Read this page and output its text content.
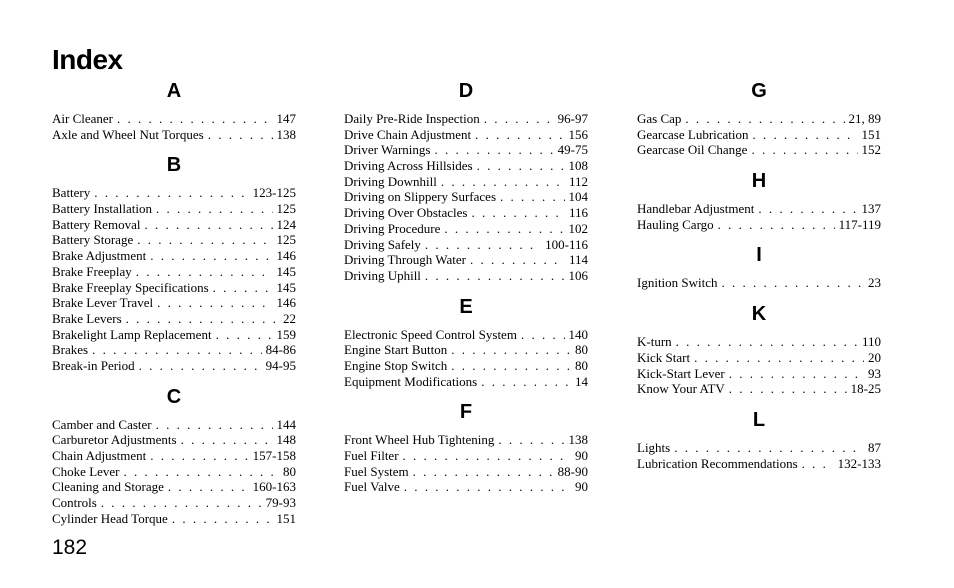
Index
A
Air Cleaner . . .	147
Axle and Wheel Nut Torques . . .	138
B
Battery . . .	123-125
Battery Installation . . .	125
Battery Removal . . .	124
Battery Storage . . .	125
Brake Adjustment . . .	146
Brake Freeplay . . .	145
Brake Freeplay Specifications . . .	145
Brake Lever Travel . . .	146
Brake Levers . . .	22
Brakelight Lamp Replacement . . .	159
Brakes . . .	84-86
Break-in Period . . .	94-95
C
Camber and Caster . . .	144
Carburetor Adjustments . . .	148
Chain Adjustment . . .	157-158
Choke Lever . . .	80
Cleaning and Storage . . .	160-163
Controls . . .	79-93
Cylinder Head Torque . . .	151
D
Daily Pre-Ride Inspection . . .	96-97
Drive Chain Adjustment . . .	156
Driver Warnings . . .	49-75
Driving Across Hillsides . . .	108
Driving Downhill . . .	112
Driving on Slippery Surfaces . . .	104
Driving Over Obstacles . . .	116
Driving Procedure . . .	102
Driving Safely . . .	100-116
Driving Through Water . . .	114
Driving Uphill . . .	106
E
Electronic Speed Control System . . .	140
Engine Start Button . . .	80
Engine Stop Switch . . .	80
Equipment Modifications . . .	14
F
Front Wheel Hub Tightening . . .	138
Fuel Filter . . .	90
Fuel System . . .	88-90
Fuel Valve . . .	90
G
Gas Cap . . .	21, 89
Gearcase Lubrication . . .	151
Gearcase Oil Change . . .	152
H
Handlebar Adjustment . . .	137
Hauling Cargo . . .	117-119
I
Ignition Switch . . .	23
K
K-turn . . .	110
Kick Start . . .	20
Kick-Start Lever . . .	93
Know Your ATV . . .	18-25
L
Lights . . .	87
Lubrication Recommendations . . .	132-133
182
